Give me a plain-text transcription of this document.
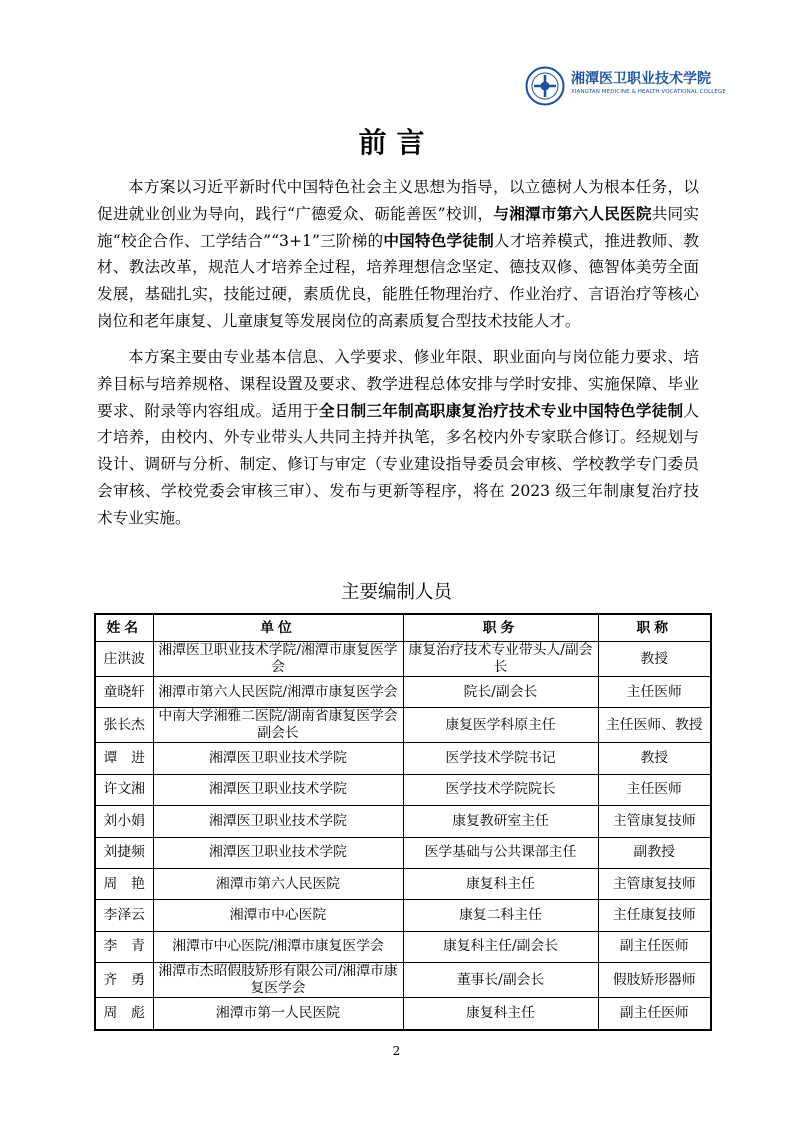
湘潭医卫职业技术学院
XIANGTAN MEDICINE & HEALTH VOCATIONAL COLLEGE
前言

本方案以习近平新时代中国特色社会主义思想为指导，以立德树人为根本任务，以促进就业创业为导向，践行“广德爱众、砺能善医”校训，与湘潭市第六人民医院共同实施“校企合作、工学结合”“3+1”三阶梯的中国特色学徒制人才培养模式，推进教师、教材、教法改革，规范人才培养全过程，培养理想信念坚定、德技双修、德智体美劳全面发展，基础扎实，技能过硬，素质优良，能胜任物理治疗、作业治疗、言语治疗等核心岗位和老年康复、儿童康复等发展岗位的高素质复合型技术技能人才。

本方案主要由专业基本信息、入学要求、修业年限、职业面向与岗位能力要求、培养目标与培养规格、课程设置及要求、教学进程总体安排与学时安排、实施保障、毕业要求、附录等内容组成。适用于全日制三年制高职康复治疗技术专业中国特色学徒制人才培养，由校内、外专业带头人共同主持并执笔，多名校内外专家联合修订。经规划与设计、调研与分析、制定、修订与审定（专业建设指导委员会审核、学校教学专门委员会审核、学校党委会审核三审）、发布与更新等程序，将在 2023 级三年制康复治疗技术专业实施。

主要编制人员
姓名	单位	职务	职称
庄洪波	湘潭医卫职业技术学院/湘潭市康复医学会	康复治疗技术专业带头人/副会长	教授
童晓轩	湘潭市第六人民医院/湘潭市康复医学会	院长/副会长	主任医师
张长杰	中南大学湘雅二医院/湖南省康复医学会副会长	康复医学科原主任	主任医师、教授
谭　进	湘潭医卫职业技术学院	医学技术学院书记	教授
许文湘	湘潭医卫职业技术学院	医学技术学院院长	主任医师
刘小娟	湘潭医卫职业技术学院	康复教研室主任	主管康复技师
刘捷频	湘潭医卫职业技术学院	医学基础与公共课部主任	副教授
周　艳	湘潭市第六人民医院	康复科主任	主管康复技师
李泽云	湘潭市中心医院	康复二科主任	主任康复技师
李　青	湘潭市中心医院/湘潭市康复医学会	康复科主任/副会长	副主任医师
齐　勇	湘潭市杰昭假肢矫形有限公司/湘潭市康复医学会	董事长/副会长	假肢矫形器师
周　彪	湘潭市第一人民医院	康复科主任	副主任医师
2
